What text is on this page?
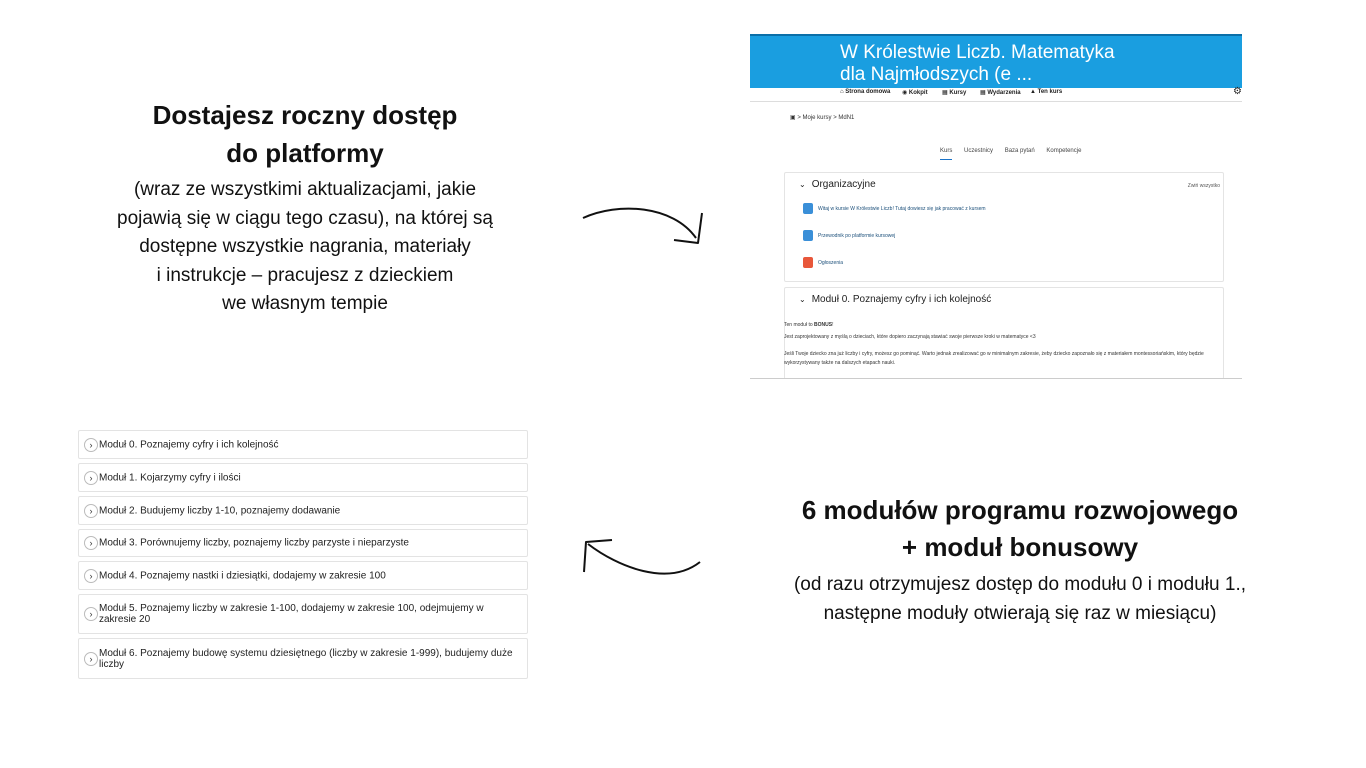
Dostajesz roczny dostęp
do platformy
(wraz ze wszystkimi aktualizacjami, jakie
pojawią się w ciągu tego czasu), na której są
dostępne wszystkie nagrania, materiały
i instrukcje – pracujesz z dzieckiem
we własnym tempie
W Królestwie Liczb. Matematyka
dla Najmłodszych (e ...
⌂ Strona domowa ◉ Kokpit ▦ Kursy ▦ Wydarzenia ▲ Ten kurs	⚙
▣ > Moje kursy > MdN1
Kurs Uczestnicy Baza pytań Kompetencje
⌄ Organizacyjne	Zwiń wszystko
Witaj w kursie W Królestwie Liczb! Tutaj dowiesz się jak pracować z kursem
Przewodnik po platformie kursowej
Ogłoszenia
⌄ Moduł 0. Poznajemy cyfry i ich kolejność
Ten moduł to BONUS!
Jest zaprojektowany z myślą o dzieciach, które dopiero zaczynają stawiać swoje pierwsze kroki w matematyce <3
Jeśli Twoje dziecko zna już liczby i cyfry, możesz go pominąć. Warto jednak zrealizować go w minimalnym zakresie, żeby dziecko zapoznało się z materiałem montessoriańskim, który będzie wykorzystywany także na dalszych etapach nauki.
› Moduł 0. Poznajemy cyfry i ich kolejność
› Moduł 1. Kojarzymy cyfry i ilości
› Moduł 2. Budujemy liczby 1-10, poznajemy dodawanie
› Moduł 3. Porównujemy liczby, poznajemy liczby parzyste i nieparzyste
› Moduł 4. Poznajemy nastki i dziesiątki, dodajemy w zakresie 100
› Moduł 5. Poznajemy liczby w zakresie 1-100, dodajemy w zakresie 100, odejmujemy w zakresie 20
› Moduł 6. Poznajemy budowę systemu dziesiętnego (liczby w zakresie 1-999), budujemy duże liczby
6 modułów programu rozwojowego
+ moduł bonusowy
(od razu otrzymujesz dostęp do modułu 0 i modułu 1.,
następne moduły otwierają się raz w miesiącu)
